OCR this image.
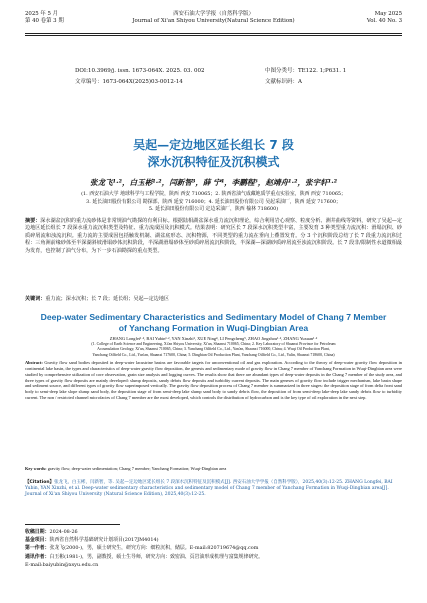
2025 年 5 月
第 40 卷第 3 期
西安石油大学学报（自然科学版）
Journal of Xi'an Shiyou University(Natural Science Edition)
May 2025
Vol. 40 No. 3
DOI:10.3969/j. issn. 1673-064X. 2025. 03. 002	中图分类号：TE122. 1;P631. 1
文章编号：1673-064X(2025)03-0012-14	文献标识码：A
吴起—定边地区延长组长 7 段
深水沉积特征及沉积模式
张龙飞¹·²，白玉彬¹·²，闫新智³，薛 宁⁴，李鹏程⁵，赵靖舟¹·²，张宇轩¹·²
(1. 西安石油大学 地球科学与工程学院，陕西 西安 710065；2. 陕西省油气成藏地质学重点实验室，陕西 西安 710065；
3. 延长油田股份有限公司 勘探部，陕西 延安 716000；4. 延长油田股份有限公司 吴起采油厂，陕西 延安 717600；
5. 延长油田股份有限公司 定边采油厂，陕西 榆林 718600)
摘要：深水湖盆沉积的重力流砂体是非常规油气勘探的有利目标。根据陆相湖盆深水重力流沉积理论，综合利用岩心观察、粒度分析、测井曲线等资料，研究了吴起—定边地区延长组长 7 段深水重力流沉积类型及特征、重力流成因及沉积模式。结果表明：研究区长 7 段深水沉积类型丰富，主要发育 3 种类型重力流沉积：滑塌沉积、砂质碎屑流和浊流沉积。重力流的主要成因包括触发机制、湖盆底形态、沉积物源，不同类型的重力流在垂向上叠置发育。分 3 个沉积阶段总结了长 7 段重力流沉积过程：三角洲前缘砂体至半深湖斜坡滑塌砂体沉积阶段，半深湖滑塌砂体至砂质碎屑流沉积阶段，半深湖—深湖砂质碎屑流至浊流沉积阶段。长 7 段非/限制性水道微相最为发育，也控制了油气分布，为下一步石油勘探的重点类型。
关键词：重力流；深水沉积；长 7 段；延长组；吴起—定边地区
Deep-water Sedimentary Characteristics and Sedimentary Model of Chang 7 Member
of Yanchang Formation in Wuqi-Dingbian Area
ZHANG Longfei¹·², BAI Yubin¹·², YAN Xinzhi³, XUE Ning⁴, LI Pengcheng⁵, ZHAO Jingzhou¹·², ZHANG Yuxuan¹·²
(1. College of Earth Science and Engineering, Xi'an Shiyou University, Xi'an, Shaanxi 710065, China; 2. Key Laboratory of Shaanxi Province for Petroleum
Accumulation Geology, Xi'an, Shaanxi 710065, China; 3. Yanchang Oilfield Co., Ltd., Yan'an, Shaanxi 716000, China; 4. Wuqi Oil Production Plant,
Yanchang Oilfield Co., Ltd., Yan'an, Shaanxi 717600, China; 5. Dingbian Oil Production Plant, Yanchang Oilfield Co., Ltd., Yulin, Shaanxi 718600, China)
Abstract: Gravity flow sand bodies deposited in deep-water lacustrine basins are favorable targets for unconventional oil and gas exploration. According to the theory of deep-water gravity flow deposition in continental lake basin, the types and characteristics of deep-water gravity flow deposition, the genesis and sedimentary mode of gravity flow in Chang 7 member of Yanchang Formation in Wuqi-Dingbian area were studied by comprehensive utilization of core observation, grain size analysis and logging curves. The results show that there are abundant types of deep-water deposits in the Chang 7 member of the study area, and three types of gravity flow deposits are mainly developed: slump deposits, sandy debris flow deposits and turbidity current deposits. The main geneses of gravity flow include trigger mechanism, lake basin shape and sediment source, and different types of gravity flow superimposed vertically. The gravity flow deposition process of Chang 7 member is summarized in three stages: the deposition stage of from delta front sand body to semi-deep lake slope slump sand body, the deposition stage of from semi-deep lake slump sand body to sandy debris flow, the deposition of from semi-deep lake-deep lake sandy debris flow to turbidity current. The non / restricted channel microfacies of Chang 7 member are the most developed, which controls the distribution of hydrocarbon and is the key type of oil exploration in the next step.
Key words: gravity flow; deep-water sedimentation; Chang 7 member; Yanchang Formation; Wuqi-Dingbian area
【Citation】张龙飞，白玉彬，闫新智，等. 吴起—定边地区延长组长 7 段深水沉积特征及沉积模式[J]. 西安石油大学学报（自然科学版），2025,40(3):12-25. ZHANG Longfei, BAI Yubin, YAN Xinzhi, et al. Deep-water sedimentary characteristics and sedimentary model of Chang 7 member of Yanchang Formation in Wuqi-Dingbian area[J]. Journal of Xi'an Shiyou University (Natural Science Edition), 2025,40(3):12-25.
收稿日期：2024-08-26
基金项目：陕西省自然科学基础研究计划项目(2017JM4014)
第一作者：张龙飞(2000-)，男，硕士研究生，研究方向：细粒沉积，储层。E-mail:820719674@qq.com
通讯作者：白玉彬(1981-)，男，副教授，硕士生导师，研究方向：致密油、页岩油形成机理与富集规律研究。
E-mail:baiyubin@xsyu.edu.cn
